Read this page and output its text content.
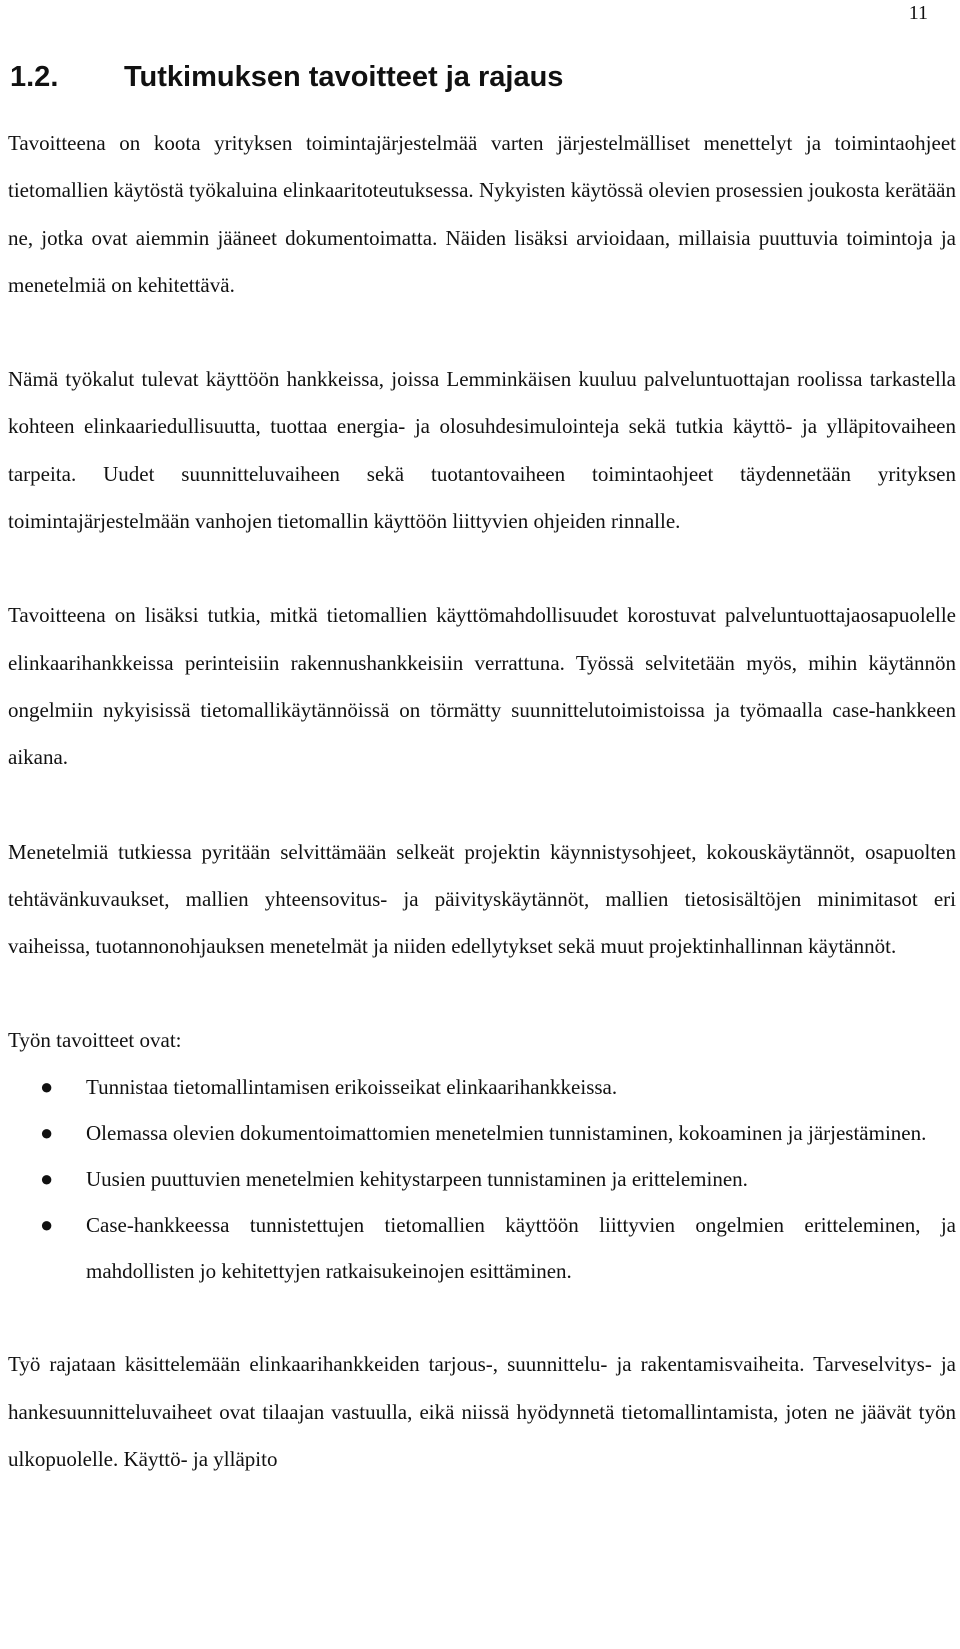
11
1.2.	Tutkimuksen tavoitteet ja rajaus

Tavoitteena on koota yrityksen toimintajärjestelmää varten järjestelmälliset menettelyt ja toimintaohjeet tietomallien käytöstä työkaluina elinkaaritoteutuksessa. Nykyisten käytössä olevien prosessien joukosta kerätään ne, jotka ovat aiemmin jääneet dokumentoimatta. Näiden lisäksi arvioidaan, millaisia puuttuvia toimintoja ja menetelmiä on kehitettävä.

Nämä työkalut tulevat käyttöön hankkeissa, joissa Lemminkäisen kuuluu palveluntuottajan roolissa tarkastella kohteen elinkaariedullisuutta, tuottaa energia- ja olosuhdesimulointeja sekä tutkia käyttö- ja ylläpitovaiheen tarpeita. Uudet suunnitteluvaiheen sekä tuotantovaiheen toimintaohjeet täydennetään yrityksen toimintajärjestelmään vanhojen tietomallin käyttöön liittyvien ohjeiden rinnalle.

Tavoitteena on lisäksi tutkia, mitkä tietomallien käyttömahdollisuudet korostuvat palveluntuottajaosapuolelle elinkaarihankkeissa perinteisiin rakennushankkeisiin verrattuna. Työssä selvitetään myös, mihin käytännön ongelmiin nykyisissä tietomallikäytännöissä on törmätty suunnittelutoimistoissa ja työmaalla case-hankkeen aikana.

Menetelmiä tutkiessa pyritään selvittämään selkeät projektin käynnistysohjeet, kokouskäytännöt, osapuolten tehtävänkuvaukset, mallien yhteensovitus- ja päivityskäytännöt, mallien tietosisältöjen minimitasot eri vaiheissa, tuotannonohjauksen menetelmät ja niiden edellytykset sekä muut projektinhallinnan käytännöt.

Työn tavoitteet ovat:

● Tunnistaa tietomallintamisen erikoisseikat elinkaarihankkeissa.
● Olemassa olevien dokumentoimattomien menetelmien tunnistaminen, kokoaminen ja järjestäminen.
● Uusien puuttuvien menetelmien kehitystarpeen tunnistaminen ja eritteleminen.
● Case-hankkeessa tunnistettujen tietomallien käyttöön liittyvien ongelmien eritteleminen, ja mahdollisten jo kehitettyjen ratkaisukeinojen esittäminen.

Työ rajataan käsittelemään elinkaarihankkeiden tarjous-, suunnittelu- ja rakentamisvaiheita. Tarveselvitys- ja hankesuunnitteluvaiheet ovat tilaajan vastuulla, eikä niissä hyödynnetä tietomallintamista, joten ne jäävät työn ulkopuolelle. Käyttö- ja ylläpito
